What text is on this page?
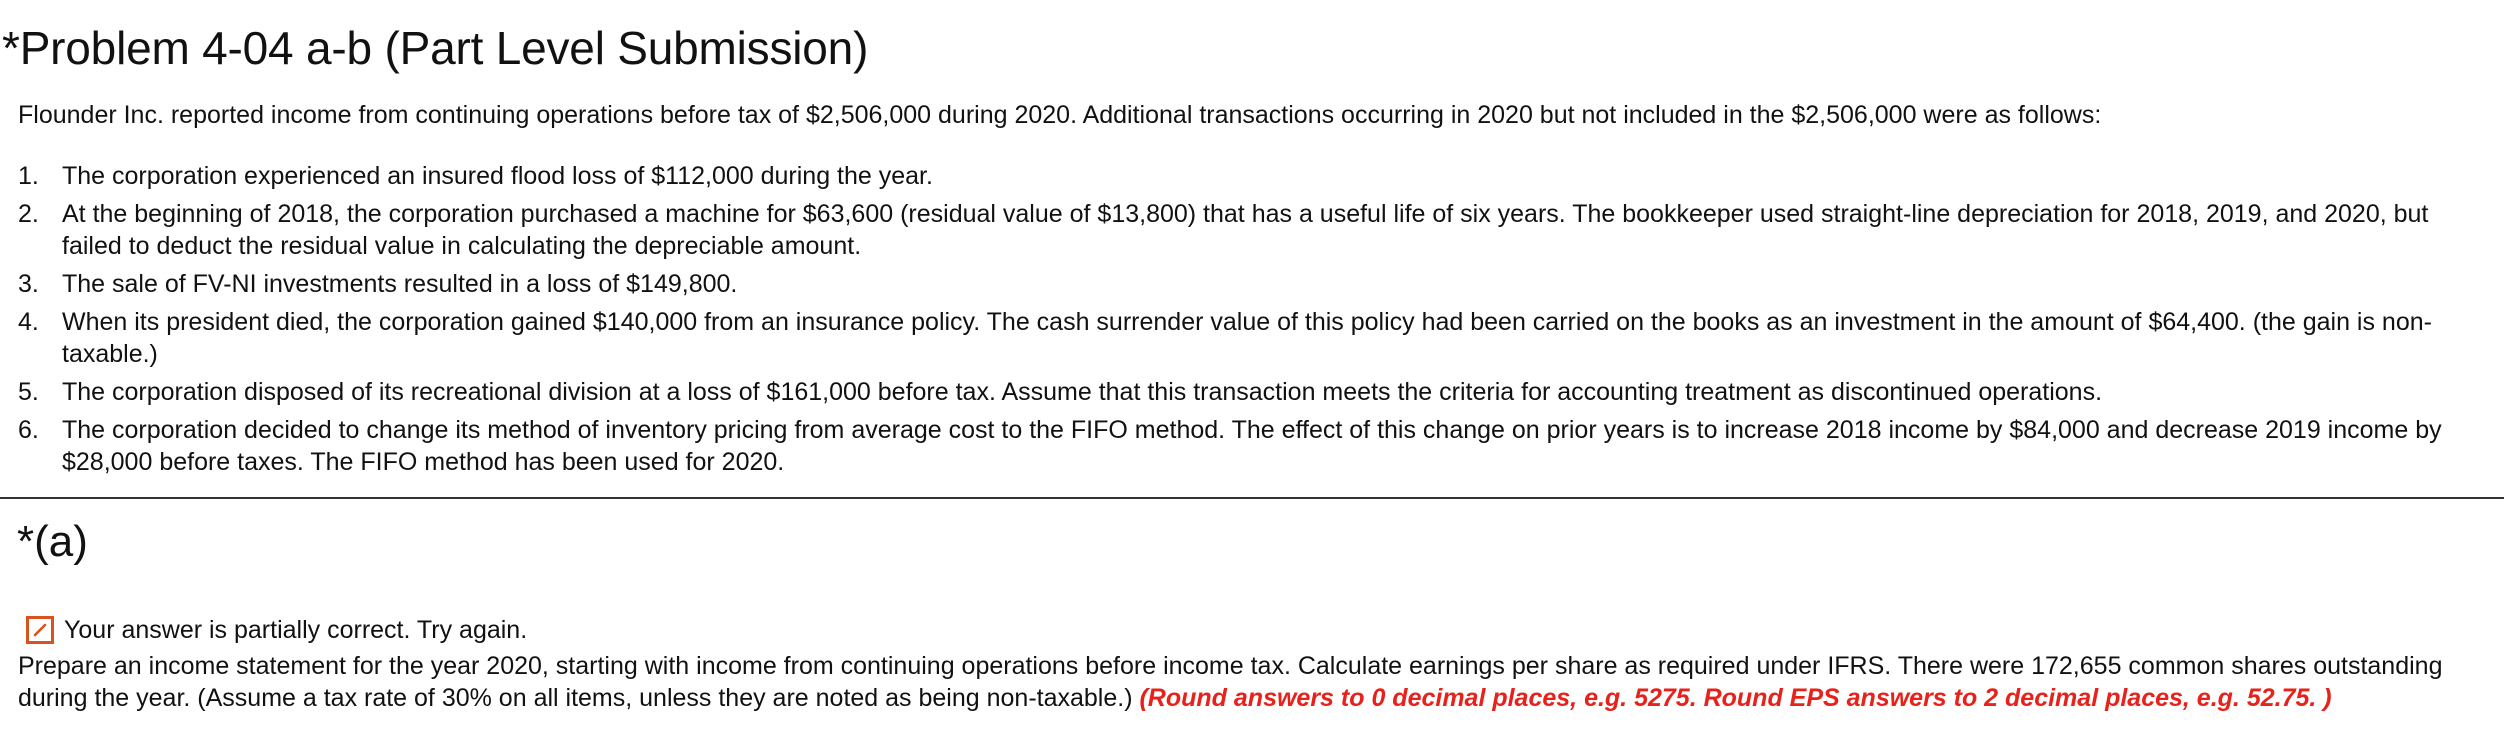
*Problem 4-04 a-b (Part Level Submission)

Flounder Inc. reported income from continuing operations before tax of $2,506,000 during 2020. Additional transactions occurring in 2020 but not included in the $2,506,000 were as follows:

1. The corporation experienced an insured flood loss of $112,000 during the year.
2. At the beginning of 2018, the corporation purchased a machine for $63,600 (residual value of $13,800) that has a useful life of six years. The bookkeeper used straight-line depreciation for 2018, 2019, and 2020, but failed to deduct the residual value in calculating the depreciable amount.
3. The sale of FV-NI investments resulted in a loss of $149,800.
4. When its president died, the corporation gained $140,000 from an insurance policy. The cash surrender value of this policy had been carried on the books as an investment in the amount of $64,400. (the gain is non-taxable.)
5. The corporation disposed of its recreational division at a loss of $161,000 before tax. Assume that this transaction meets the criteria for accounting treatment as discontinued operations.
6. The corporation decided to change its method of inventory pricing from average cost to the FIFO method. The effect of this change on prior years is to increase 2018 income by $84,000 and decrease 2019 income by $28,000 before taxes. The FIFO method has been used for 2020.
*(a)
Your answer is partially correct. Try again.

Prepare an income statement for the year 2020, starting with income from continuing operations before income tax. Calculate earnings per share as required under IFRS. There were 172,655 common shares outstanding during the year. (Assume a tax rate of 30% on all items, unless they are noted as being non-taxable.) (Round answers to 0 decimal places, e.g. 5275. Round EPS answers to 2 decimal places, e.g. 52.75. )
